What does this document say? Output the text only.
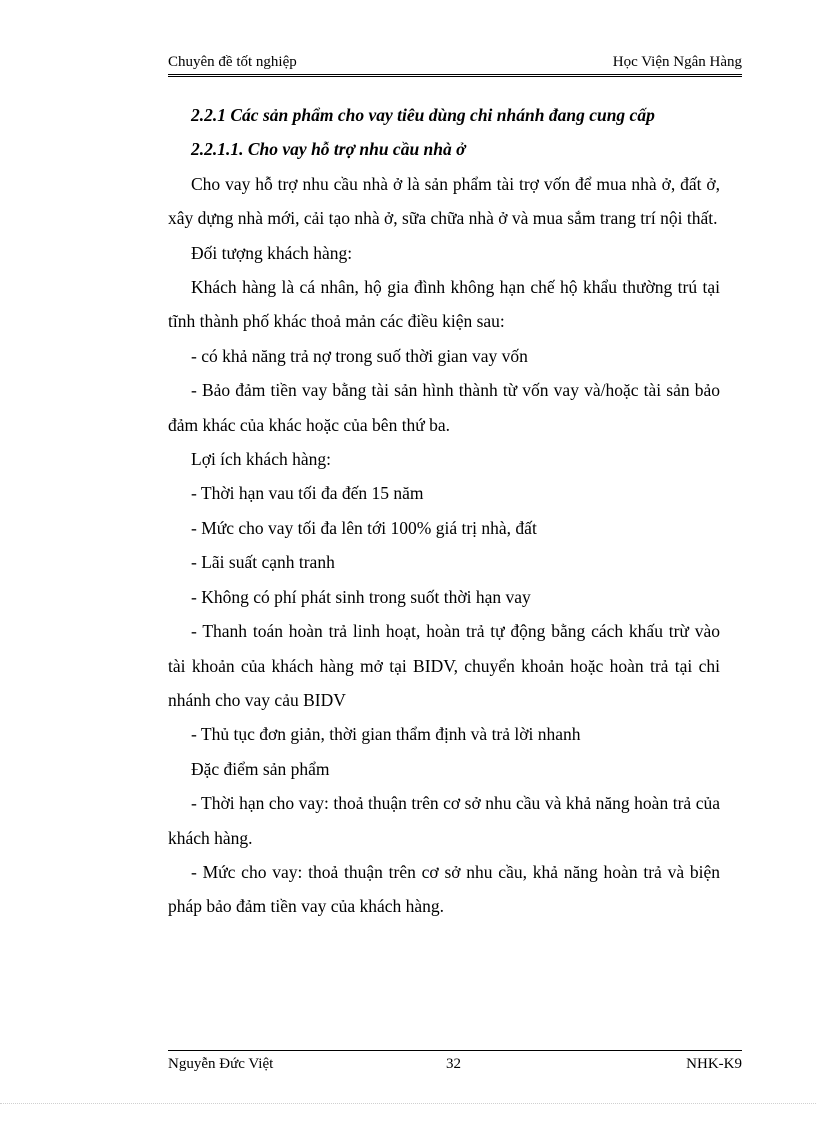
Chuyên đề tốt nghiệp	Học Viện Ngân Hàng
2.2.1 Các sản phẩm cho vay tiêu dùng chi nhánh đang cung cấp
2.2.1.1. Cho vay hỗ trợ nhu cầu nhà ở
Cho vay hỗ trợ nhu cầu nhà ở là sản phẩm tài trợ vốn để mua nhà ở, đất ở, xây dựng nhà mới, cải tạo nhà ở, sữa chữa nhà ở và mua sắm trang trí nội thất.
Đối tượng khách hàng:
Khách hàng là cá nhân, hộ gia đình không hạn chế hộ khẩu thường trú tại tĩnh thành phố khác thoả mản các điều kiện sau:
- có khả năng trả nợ trong suố thời gian vay vốn
- Bảo đảm tiền vay bằng tài sản hình thành từ vốn vay và/hoặc tài sản bảo đảm khác của khác hoặc của bên thứ ba.
Lợi ích khách hàng:
- Thời hạn vau tối đa đến 15 năm
- Mức cho vay tối đa lên tới 100% giá trị nhà, đất
- Lãi suất cạnh tranh
- Không có phí phát sinh trong suốt thời hạn vay
- Thanh toán hoàn trả linh hoạt, hoàn trả tự động bằng cách khấu trừ vào tài khoản của khách hàng mở tại BIDV, chuyển khoản hoặc hoàn trả tại chi nhánh cho vay cảu BIDV
- Thủ tục đơn giản, thời gian thẩm định và trả lời nhanh
Đặc điểm sản phẩm
- Thời hạn cho vay: thoả thuận trên cơ sở nhu cầu và khả năng hoàn trả của khách hàng.
- Mức cho vay: thoả thuận trên cơ sở nhu cầu, khả năng hoàn trả và biện pháp bảo đảm tiền vay của khách hàng.
Nguyễn Đức Việt	32	NHK-K9
